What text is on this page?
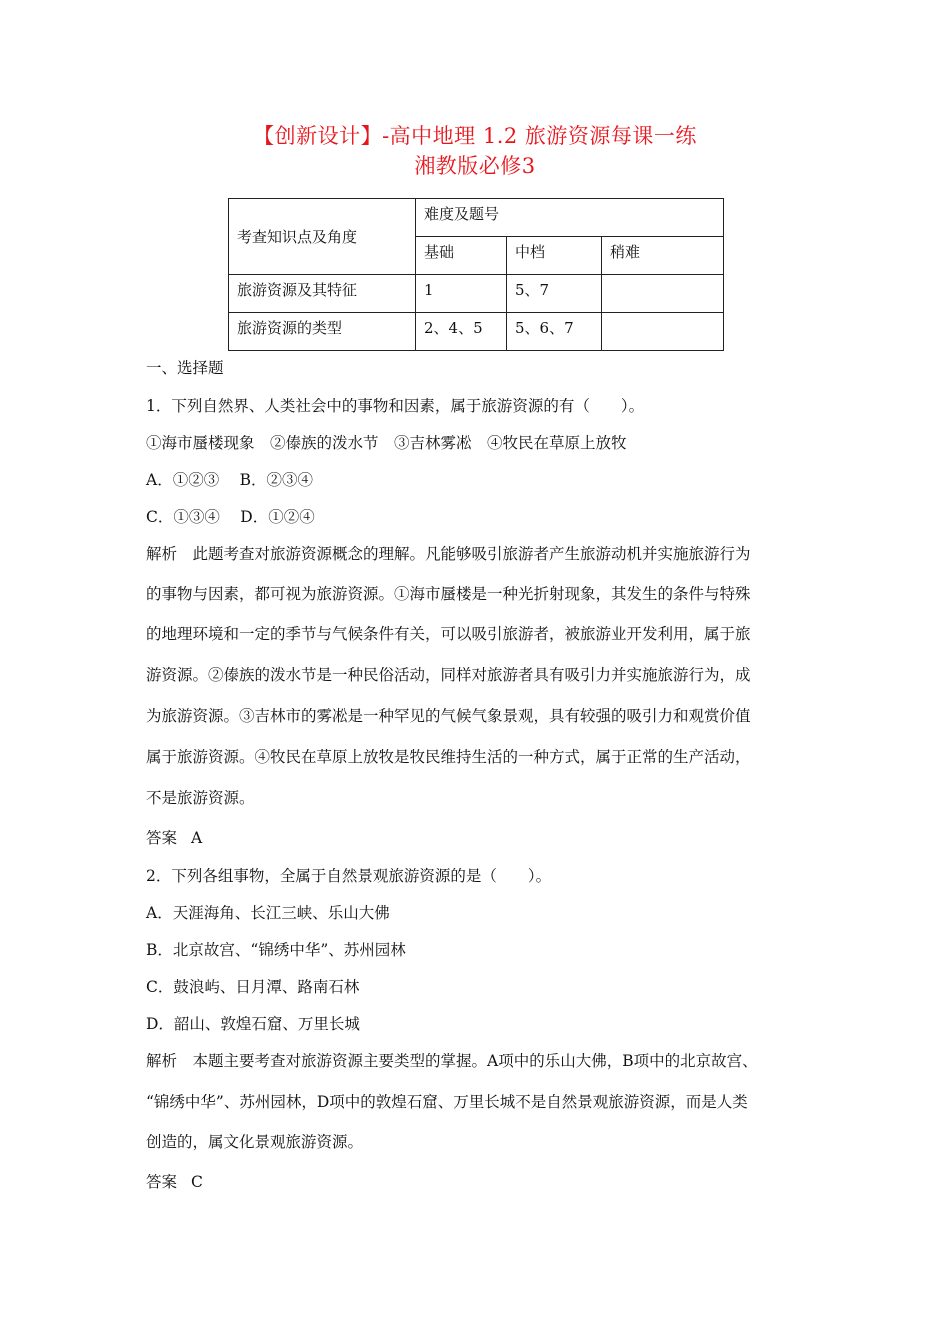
【创新设计】-高中地理 1.2 旅游资源每课一练
湘教版必修3
考查知识点及角度	难度及题号		
	基础	中档	稍难
旅游资源及其特征	1	5、7	
旅游资源的类型	2、4、5	5、6、7	
一、选择题
1．下列自然界、人类社会中的事物和因素，属于旅游资源的有（　　）。
①海市蜃楼现象　②傣族的泼水节　③吉林雾凇　④牧民在草原上放牧
A．①②③　 B．②③④
C．①③④　 D．①②④
解析　此题考查对旅游资源概念的理解。凡能够吸引旅游者产生旅游动机并实施旅游行为
的事物与因素，都可视为旅游资源。①海市蜃楼是一种光折射现象，其发生的条件与特殊
的地理环境和一定的季节与气候条件有关，可以吸引旅游者，被旅游业开发利用，属于旅
游资源。②傣族的泼水节是一种民俗活动，同样对旅游者具有吸引力并实施旅游行为，成
为旅游资源。③吉林市的雾凇是一种罕见的气候气象景观，具有较强的吸引力和观赏价值
属于旅游资源。④牧民在草原上放牧是牧民维持生活的一种方式，属于正常的生产活动，
不是旅游资源。
答案 A
2．下列各组事物，全属于自然景观旅游资源的是（　　）。
A．天涯海角、长江三峡、乐山大佛
B．北京故宫、“锦绣中华”、苏州园林
C．鼓浪屿、日月潭、路南石林
D．韶山、敦煌石窟、万里长城
解析　本题主要考查对旅游资源主要类型的掌握。A项中的乐山大佛，B项中的北京故宫、
“锦绣中华”、苏州园林，D项中的敦煌石窟、万里长城不是自然景观旅游资源，而是人类
创造的，属文化景观旅游资源。
答案 C
